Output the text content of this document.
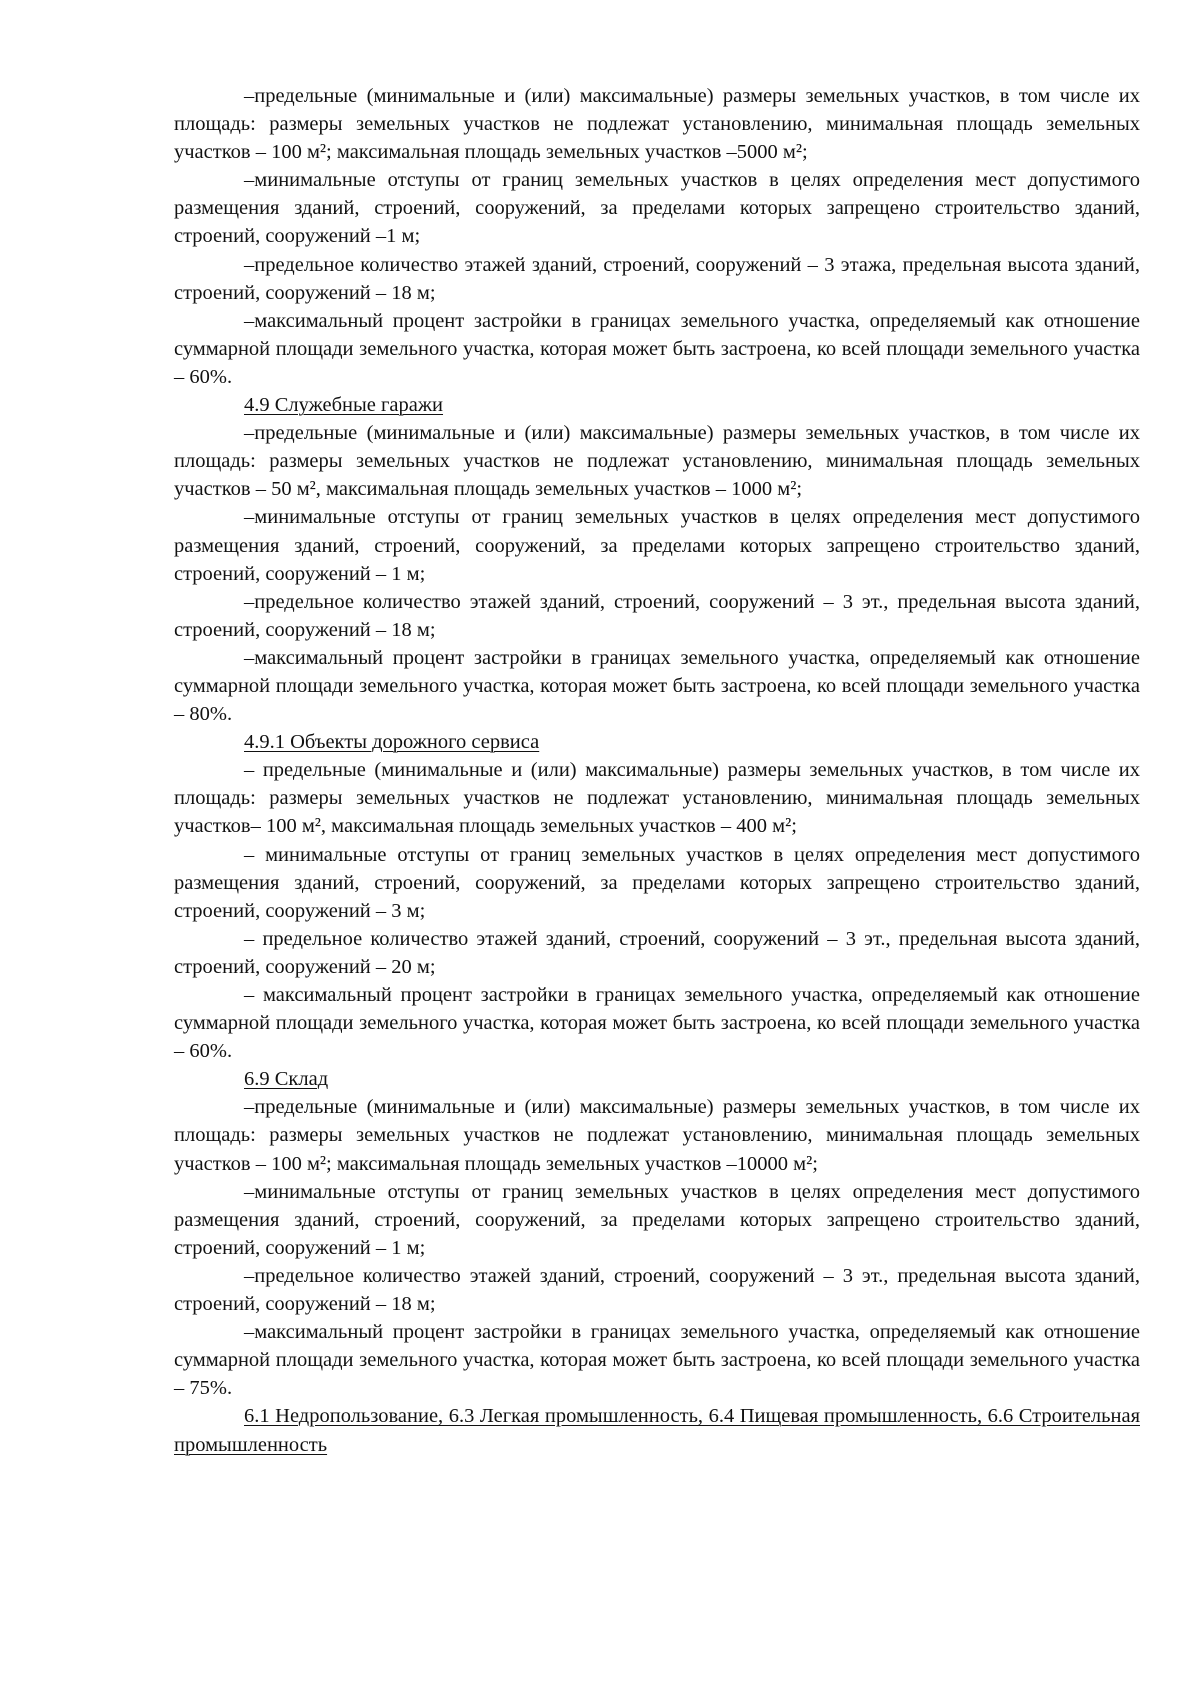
–предельные (минимальные и (или) максимальные) размеры земельных участков, в том числе их площадь: размеры земельных участков не подлежат установлению, минимальная площадь земельных участков – 100 м²; максимальная площадь земельных участков –5000 м²;

–минимальные отступы от границ земельных участков в целях определения мест допустимого размещения зданий, строений, сооружений, за пределами которых запрещено строительство зданий, строений, сооружений –1 м;

–предельное количество этажей зданий, строений, сооружений – 3 этажа, предельная высота зданий, строений, сооружений – 18 м;

–максимальный процент застройки в границах земельного участка, определяемый как отношение суммарной площади земельного участка, которая может быть застроена, ко всей площади земельного участка – 60%.

4.9 Служебные гаражи

–предельные (минимальные и (или) максимальные) размеры земельных участков, в том числе их площадь: размеры земельных участков не подлежат установлению, минимальная площадь земельных участков – 50 м², максимальная площадь земельных участков – 1000 м²;

–минимальные отступы от границ земельных участков в целях определения мест допустимого размещения зданий, строений, сооружений, за пределами которых запрещено строительство зданий, строений, сооружений – 1 м;

–предельное количество этажей зданий, строений, сооружений – 3 эт., предельная высота зданий, строений, сооружений – 18 м;

–максимальный процент застройки в границах земельного участка, определяемый как отношение суммарной площади земельного участка, которая может быть застроена, ко всей площади земельного участка – 80%.

4.9.1 Объекты дорожного сервиса

– предельные (минимальные и (или) максимальные) размеры земельных участков, в том числе их площадь: размеры земельных участков не подлежат установлению, минимальная площадь земельных участков– 100 м², максимальная площадь земельных участков – 400 м²;

– минимальные отступы от границ земельных участков в целях определения мест допустимого размещения зданий, строений, сооружений, за пределами которых запрещено строительство зданий, строений, сооружений – 3 м;

– предельное количество этажей зданий, строений, сооружений – 3 эт., предельная высота зданий, строений, сооружений – 20 м;

– максимальный процент застройки в границах земельного участка, определяемый как отношение суммарной площади земельного участка, которая может быть застроена, ко всей площади земельного участка – 60%.

6.9 Склад

–предельные (минимальные и (или) максимальные) размеры земельных участков, в том числе их площадь: размеры земельных участков не подлежат установлению, минимальная площадь земельных участков – 100 м²; максимальная площадь земельных участков –10000 м²;

–минимальные отступы от границ земельных участков в целях определения мест допустимого размещения зданий, строений, сооружений, за пределами которых запрещено строительство зданий, строений, сооружений – 1 м;

–предельное количество этажей зданий, строений, сооружений – 3 эт., предельная высота зданий, строений, сооружений – 18 м;

–максимальный процент застройки в границах земельного участка, определяемый как отношение суммарной площади земельного участка, которая может быть застроена, ко всей площади земельного участка – 75%.

6.1 Недропользование, 6.3 Легкая промышленность, 6.4 Пищевая промышленность, 6.6 Строительная промышленность
